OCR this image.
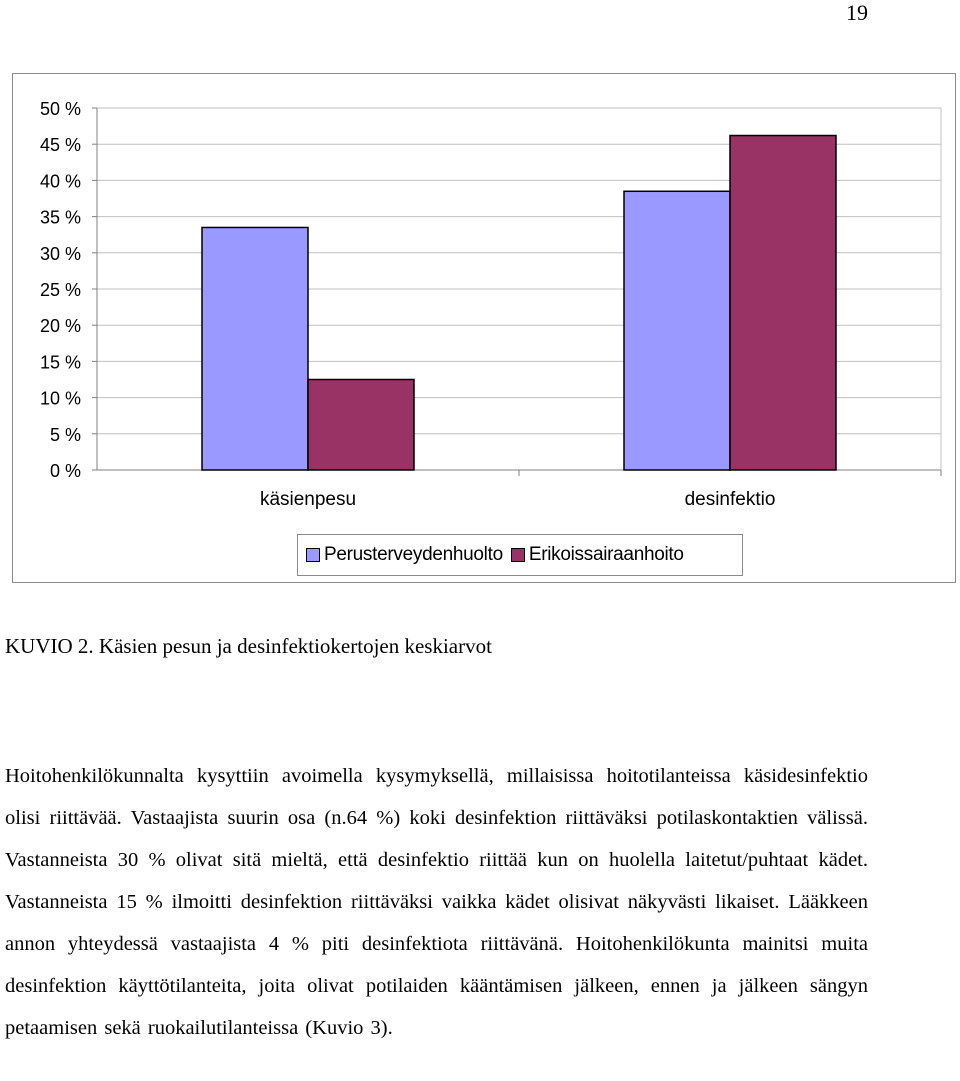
19
0 %
5 %
10 %
15 %
20 %
25 %
30 %
35 %
40 %
45 %
50 %
käsienpesu	desinfektio
Perusterveydenhuolto Erikoissairaanhoito
KUVIO 2. Käsien pesun ja desinfektiokertojen keskiarvot

Hoitohenkilökunnalta kysyttiin avoimella kysymyksellä, millaisissa hoitotilanteissa käsidesinfektio olisi riittävää. Vastaajista suurin osa (n.64 %) koki desinfektion riittäväksi potilaskontaktien välissä. Vastanneista 30 % olivat sitä mieltä, että desinfektio riittää kun on huolella laitetut/puhtaat kädet. Vastanneista 15 % ilmoitti desinfektion riittäväksi vaikka kädet olisivat näkyvästi likaiset. Lääkkeen annon yhteydessä vastaajista 4 % piti desinfektiota riittävänä. Hoitohenkilökunta mainitsi muita desinfektion käyttötilanteita, joita olivat potilaiden kääntämisen jälkeen, ennen ja jälkeen sängyn petaamisen sekä ruokailutilanteissa (Kuvio 3).
